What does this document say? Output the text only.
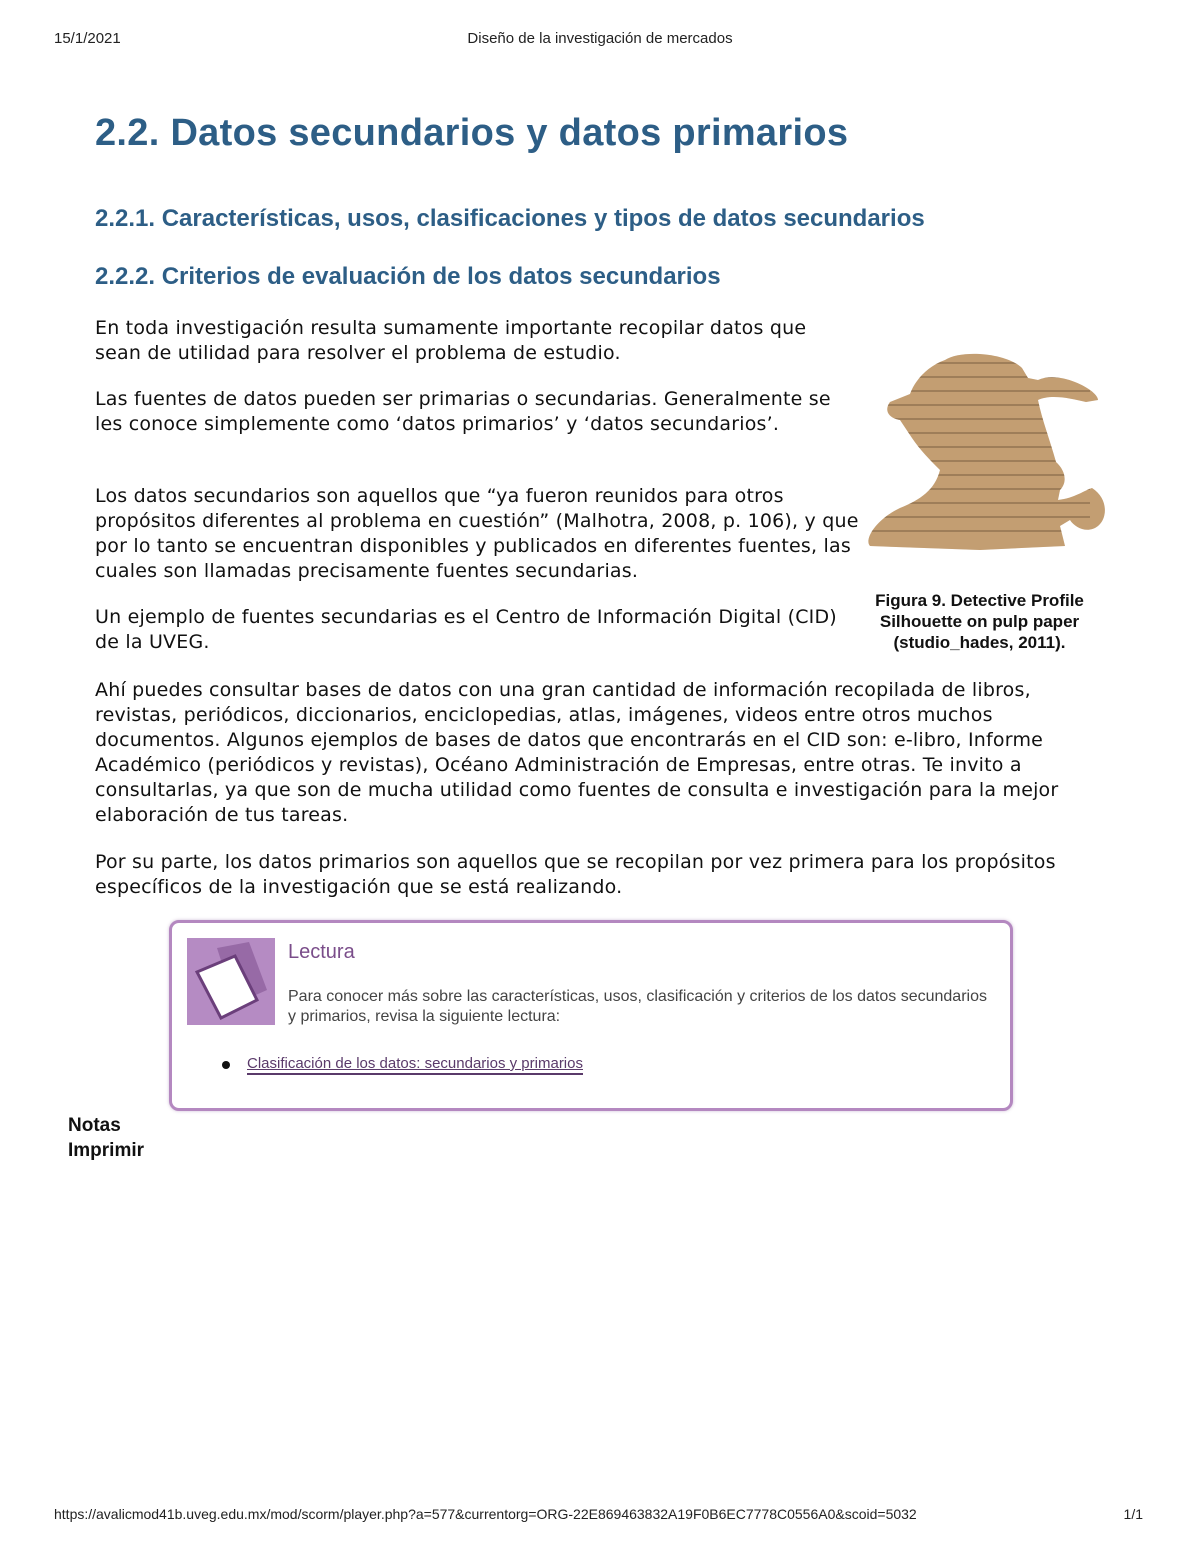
15/1/2021	Diseño de la investigación de mercados
2.2. Datos secundarios y datos primarios
2.2.1. Características, usos, clasificaciones y tipos de datos secundarios
2.2.2. Criterios de evaluación de los datos secundarios

En toda investigación resulta sumamente importante recopilar datos que sean de utilidad para resolver el problema de estudio.

Las fuentes de datos pueden ser primarias o secundarias. Generalmente se les conoce simplemente como ‘datos primarios’ y ‘datos secundarios’.

Los datos secundarios son aquellos que “ya fueron reunidos para otros propósitos diferentes al problema en cuestión” (Malhotra, 2008, p. 106), y que por lo tanto se encuentran disponibles y publicados en diferentes fuentes, las cuales son llamadas precisamente fuentes secundarias.

Un ejemplo de fuentes secundarias es el Centro de Información Digital (CID) de la UVEG.

Ahí puedes consultar bases de datos con una gran cantidad de información recopilada de libros, revistas, periódicos, diccionarios, enciclopedias, atlas, imágenes, videos entre otros muchos documentos. Algunos ejemplos de bases de datos que encontrarás en el CID son: e-libro, Informe Académico (periódicos y revistas), Océano Administración de Empresas, entre otras. Te invito a consultarlas, ya que son de mucha utilidad como fuentes de consulta e investigación para la mejor elaboración de tus tareas.

Por su parte, los datos primarios son aquellos que se recopilan por vez primera para los propósitos específicos de la investigación que se está realizando.

Figura 9. Detective Profile Silhouette on pulp paper (studio_hades, 2011).
Lectura
Para conocer más sobre las características, usos, clasificación y criterios de los datos secundarios y primarios, revisa la siguiente lectura:
Clasificación de los datos: secundarios y primarios
Notas
Imprimir
https://avalicmod41b.uveg.edu.mx/mod/scorm/player.php?a=577&currentorg=ORG-22E869463832A19F0B6EC7778C0556A0&scoid=5032	1/1
